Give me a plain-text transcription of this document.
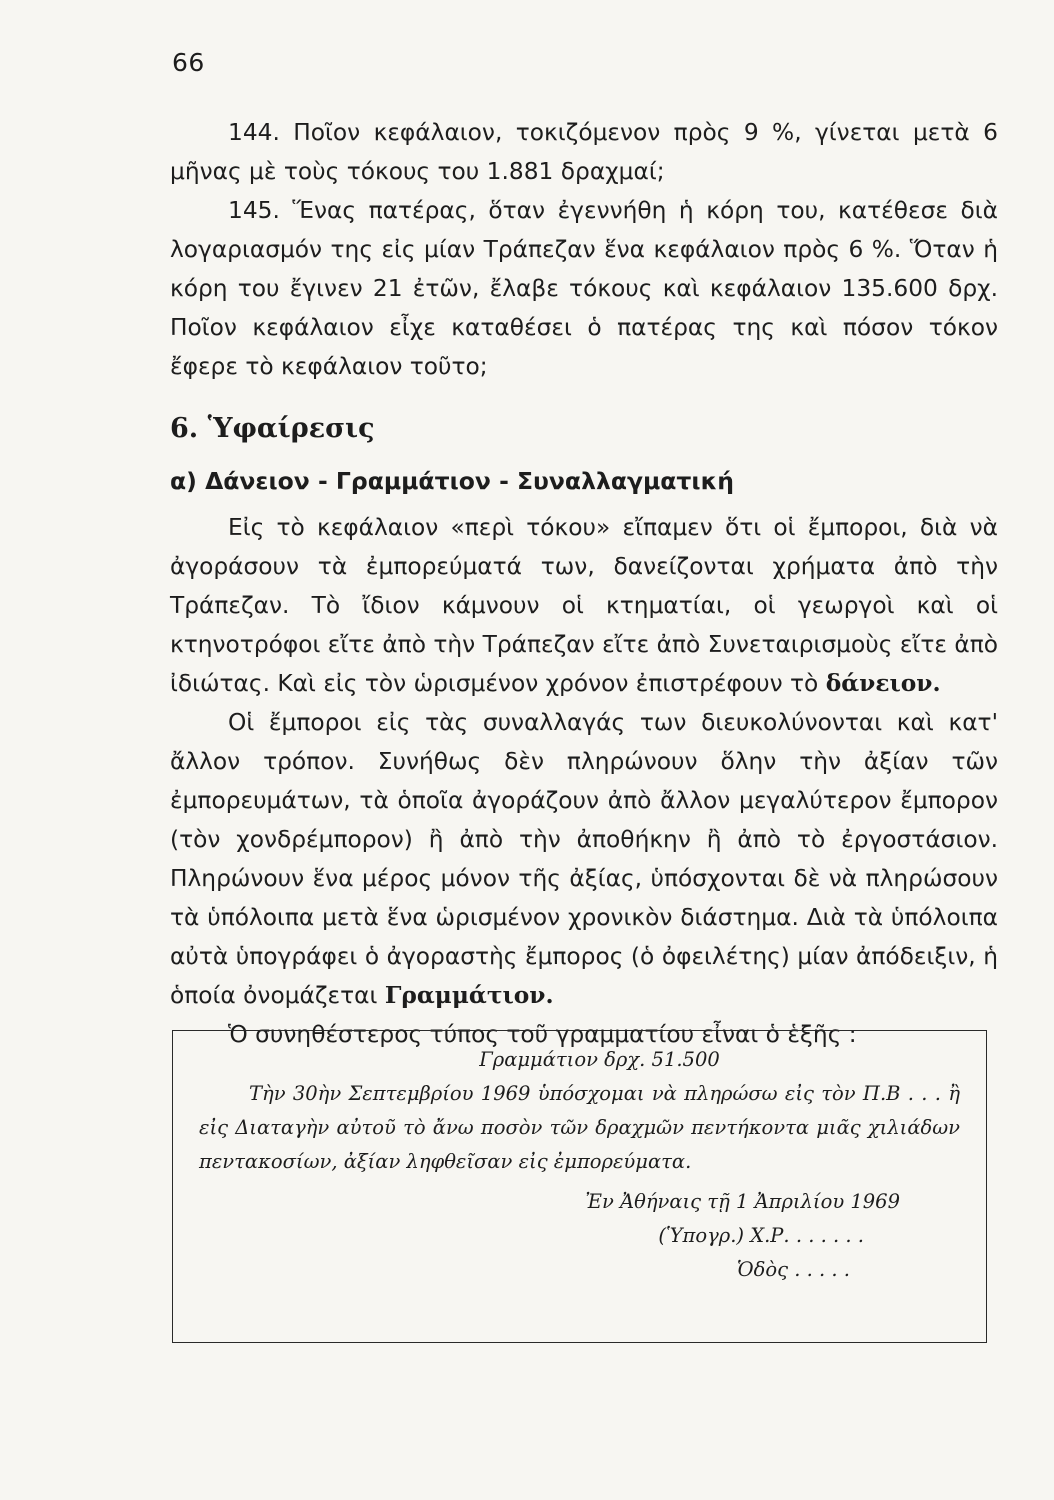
66

144. Ποῖον κεφάλαιον, τοκιζόμενον πρὸς 9 %, γίνεται μετὰ 6 μῆνας μὲ τοὺς τόκους του 1.881 δραχμαί;

145. Ἕνας πατέρας, ὅταν ἐγεννήθη ἡ κόρη του, κατέθεσε διὰ λογαριασμόν της εἰς μίαν Τράπεζαν ἕνα κεφάλαιον πρὸς 6 %. Ὅταν ἡ κόρη του ἔγινεν 21 ἐτῶν, ἔλαβε τόκους καὶ κεφάλαιον 135.600 δρχ. Ποῖον κεφάλαιον εἶχε καταθέσει ὁ πατέρας της καὶ πόσον τόκον ἔφερε τὸ κεφάλαιον τοῦτο;

6. Ὑφαίρεσις
α) Δάνειον - Γραμμάτιον - Συναλλαγματική

Εἰς τὸ κεφάλαιον «περὶ τόκου» εἴπαμεν ὅτι οἱ ἔμποροι, διὰ νὰ ἀγοράσουν τὰ ἐμπορεύματά των, δανείζονται χρήματα ἀπὸ τὴν Τράπεζαν. Τὸ ἴδιον κάμνουν οἱ κτηματίαι, οἱ γεωργοὶ καὶ οἱ κτηνοτρόφοι εἴτε ἀπὸ τὴν Τράπεζαν εἴτε ἀπὸ Συνεταιρισμοὺς εἴτε ἀπὸ ἰδιώτας. Καὶ εἰς τὸν ὡρισμένον χρόνον ἐπιστρέφουν τὸ δάνειον.

Οἱ ἔμποροι εἰς τὰς συναλλαγάς των διευκολύνονται καὶ κατ' ἄλλον τρόπον. Συνήθως δὲν πληρώνουν ὅλην τὴν ἀξίαν τῶν ἐμπορευμάτων, τὰ ὁποῖα ἀγοράζουν ἀπὸ ἄλλον μεγαλύτερον ἔμπορον (τὸν χονδρέμπορον) ἢ ἀπὸ τὴν ἀποθήκην ἢ ἀπὸ τὸ ἐργοστάσιον. Πληρώνουν ἕνα μέρος μόνον τῆς ἀξίας, ὑπόσχονται δὲ νὰ πληρώσουν τὰ ὑπόλοιπα μετὰ ἕνα ὡρισμένον χρονικὸν διάστημα. Διὰ τὰ ὑπόλοιπα αὐτὰ ὑπογράφει ὁ ἀγοραστὴς ἔμπορος (ὁ ὀφειλέτης) μίαν ἀπόδειξιν, ἡ ὁποία ὀνομάζεται Γραμμάτιον.

Ὁ συνηθέστερος τύπος τοῦ γραμματίου εἶναι ὁ ἑξῆς :

Γραμμάτιον δρχ. 51.500

Τὴν 30ὴν Σεπτεμβρίου 1969 ὑπόσχομαι νὰ πληρώσω εἰς τὸν Π.Β . . . ἢ εἰς Διαταγὴν αὐτοῦ τὸ ἄνω ποσὸν τῶν δραχμῶν πεντήκοντα μιᾶς χιλιάδων πεντακοσίων, ἀξίαν ληφθεῖσαν εἰς ἐμπορεύματα.

Ἐν Ἀθήναις τῇ 1 Ἀπριλίου 1969

(Ὑπογρ.) Χ.Ρ. . . . . . .

Ὁδὸς . . . . .
